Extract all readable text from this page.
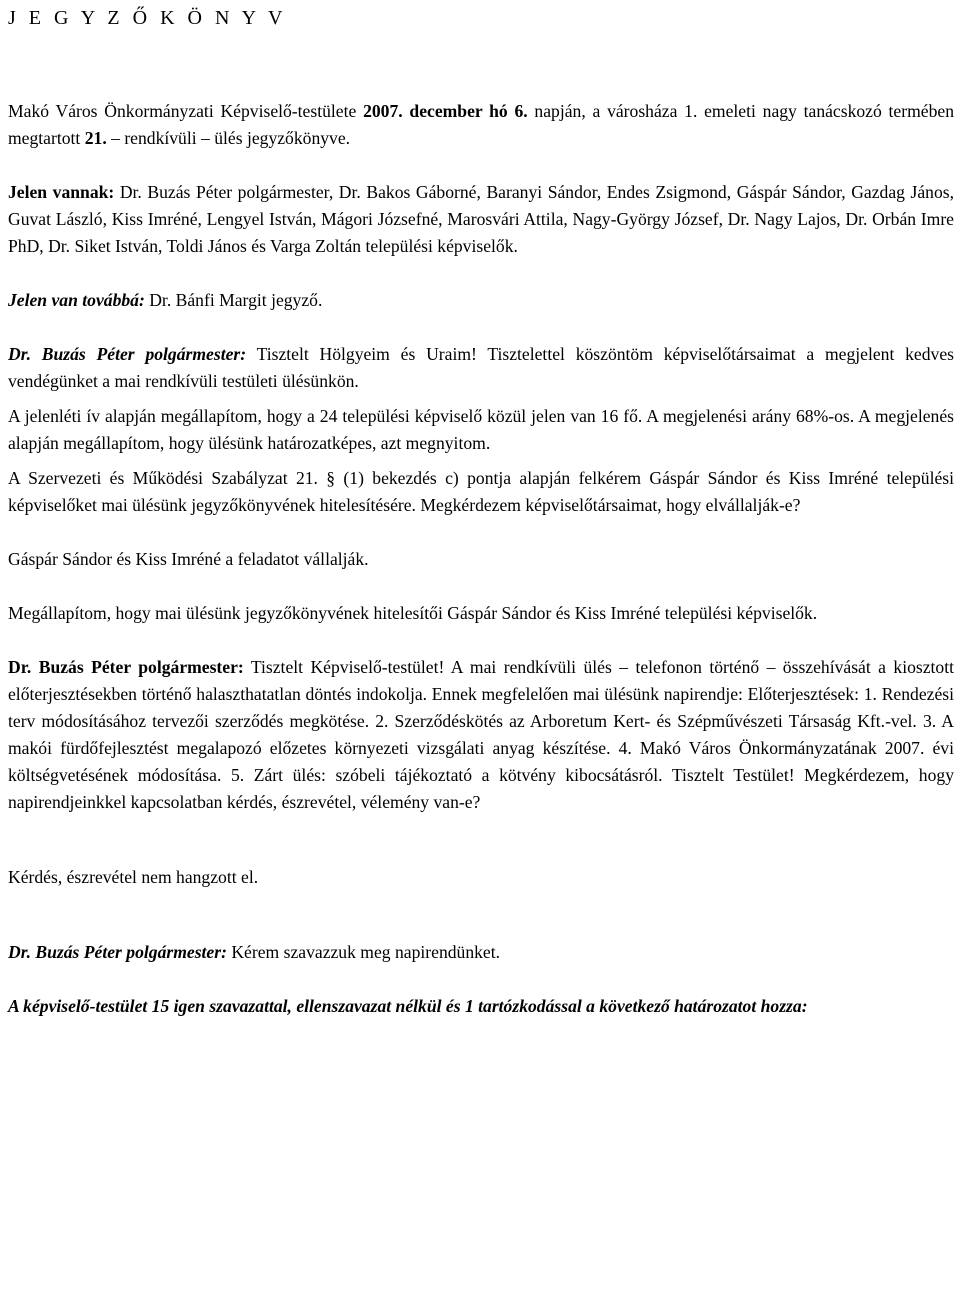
J E G Y Z Ő K Ö N Y V

Makó Város Önkormányzati Képviselő-testülete 2007. december hó 6. napján, a városháza 1. emeleti nagy tanácskozó termében megtartott 21. – rendkívüli – ülés jegyzőkönyve.

Jelen vannak: Dr. Buzás Péter polgármester, Dr. Bakos Gáborné, Baranyi Sándor, Endes Zsigmond, Gáspár Sándor, Gazdag János, Guvat László, Kiss Imréné, Lengyel István, Mágori Józsefné, Marosvári Attila, Nagy-György József, Dr. Nagy Lajos, Dr. Orbán Imre PhD, Dr. Siket István, Toldi János és Varga Zoltán települési képviselők.

Jelen van továbbá: Dr. Bánfi Margit jegyző.

Dr. Buzás Péter polgármester: Tisztelt Hölgyeim és Uraim! Tisztelettel köszöntöm képviselőtársaimat a megjelent kedves vendégünket a mai rendkívüli testületi ülésünkön.

A jelenléti ív alapján megállapítom, hogy a 24 települési képviselő közül jelen van 16 fő. A megjelenési arány 68%-os. A megjelenés alapján megállapítom, hogy ülésünk határozatképes, azt megnyitom.

A Szervezeti és Működési Szabályzat 21. § (1) bekezdés c) pontja alapján felkérem Gáspár Sándor és Kiss Imréné települési képviselőket mai ülésünk jegyzőkönyvének hitelesítésére. Megkérdezem képviselőtársaimat, hogy elvállalják-e?

Gáspár Sándor és Kiss Imréné a feladatot vállalják.

Megállapítom, hogy mai ülésünk jegyzőkönyvének hitelesítői Gáspár Sándor és Kiss Imréné települési képviselők.

Dr. Buzás Péter polgármester: Tisztelt Képviselő-testület! A mai rendkívüli ülés – telefonon történő – összehívását a kiosztott előterjesztésekben történő halaszthatatlan döntés indokolja. Ennek megfelelően mai ülésünk napirendje: Előterjesztések: 1. Rendezési terv módosításához tervezői szerződés megkötése. 2. Szerződéskötés az Arboretum Kert- és Szépművészeti Társaság Kft.-vel. 3. A makói fürdőfejlesztést megalapozó előzetes környezeti vizsgálati anyag készítése. 4. Makó Város Önkormányzatának 2007. évi költségvetésének módosítása. 5. Zárt ülés: szóbeli tájékoztató a kötvény kibocsátásról. Tisztelt Testület! Megkérdezem, hogy napirendjeinkkel kapcsolatban kérdés, észrevétel, vélemény van-e?

Kérdés, észrevétel nem hangzott el.

Dr. Buzás Péter polgármester: Kérem szavazzuk meg napirendünket.

A képviselő-testület 15 igen szavazattal, ellenszavazat nélkül és 1 tartózkodással a következő határozatot hozza:
